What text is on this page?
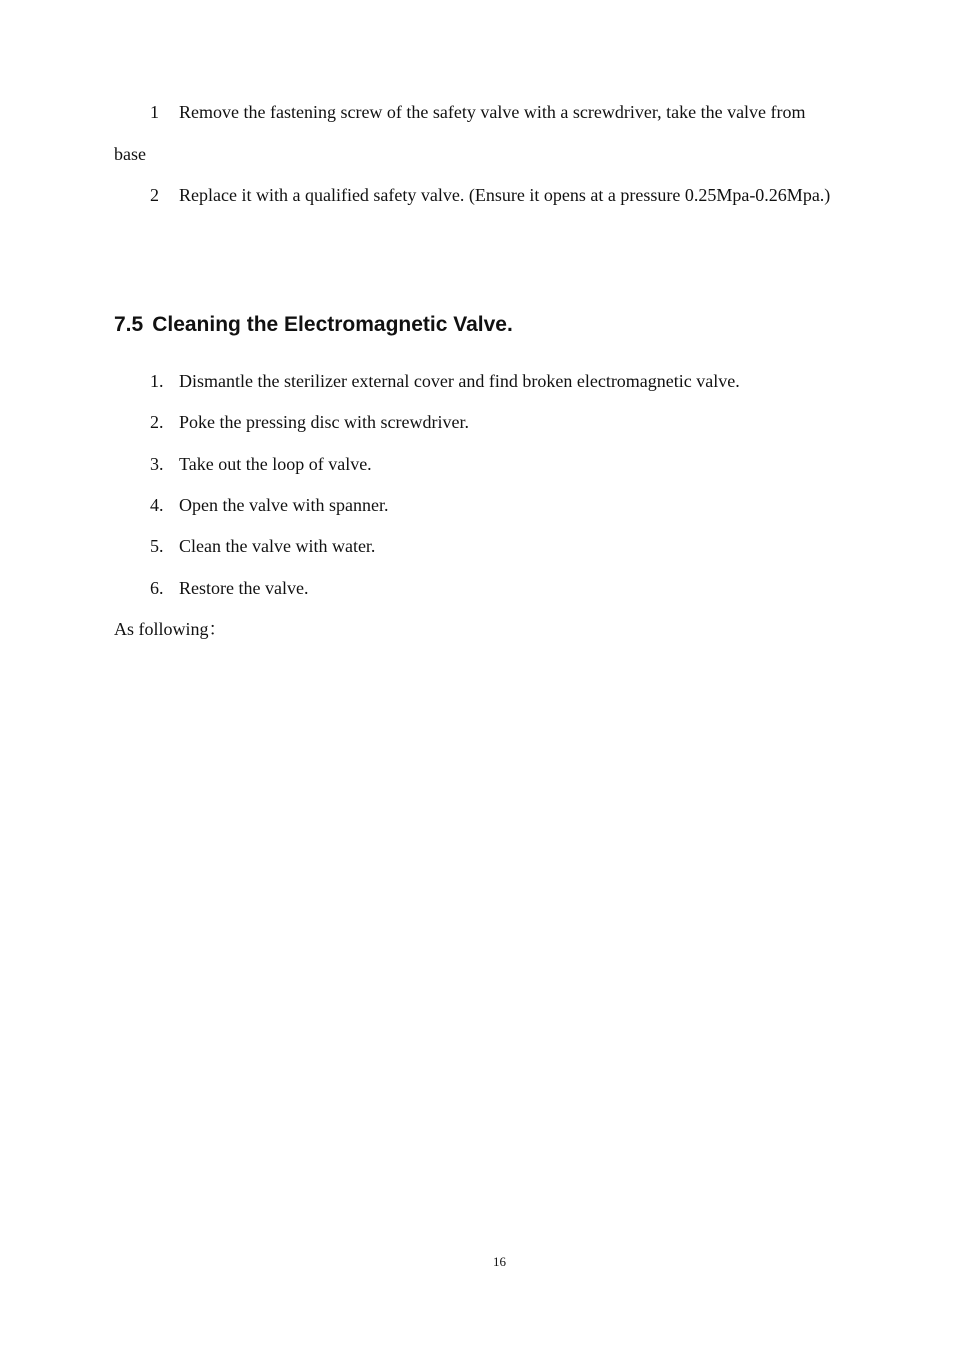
1 Remove the fastening screw of the safety valve with a screwdriver, take the valve from
base
2 Replace it with a qualified safety valve. (Ensure it opens at a pressure 0.25Mpa-0.26Mpa.)
7.5 Cleaning the Electromagnetic Valve.
1. Dismantle the sterilizer external cover and find broken electromagnetic valve.
2. Poke the pressing disc with screwdriver.
3. Take out the loop of valve.
4. Open the valve with spanner.
5. Clean the valve with water.
6. Restore the valve.
As following：
16
